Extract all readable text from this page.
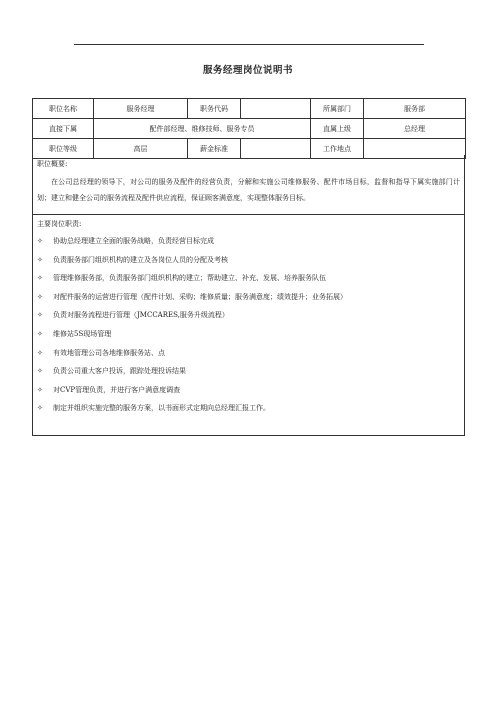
服务经理岗位说明书
职位名称	服务经理	职务代码		所属部门	服务部
直接下属	配件部经理、维修技师、服务专员			直属上级	总经理
职位等级	高层	薪金标准		工作地点	
职位概要:
在公司总经理的领导下，对公司的服务及配件的经营负责，分解和实施公司维修服务、配件市场目标，监督和指导下属实施部门计划；建立和健全公司的服务流程及配件供应流程，保证顾客满意度，实现整体服务目标。
主要岗位职责:
✧ 协助总经理建立全面的服务战略，负责经营目标完成
✧ 负责服务部门组织机构的建立及各岗位人员的分配及考核
✧ 管理维修服务部，负责服务部门组织机构的建立；帮助建立、补充、发展、培养服务队伍
✧ 对配件服务的运营进行管理（配件计划、采购；维修质量；服务满意度；绩效提升；业务拓展）
✧ 负责对服务流程进行管理（JMCCARES,服务升级流程）
✧ 维修站5S现场管理
✧ 有效地管理公司各地维修服务站、点
✧ 负责公司重大客户投诉，跟踪处理投诉结果
✧ 对CVP管理负责，并进行客户满意度调查
✧ 制定并组织实施完整的服务方案，以书面形式定期向总经理汇报工作。
